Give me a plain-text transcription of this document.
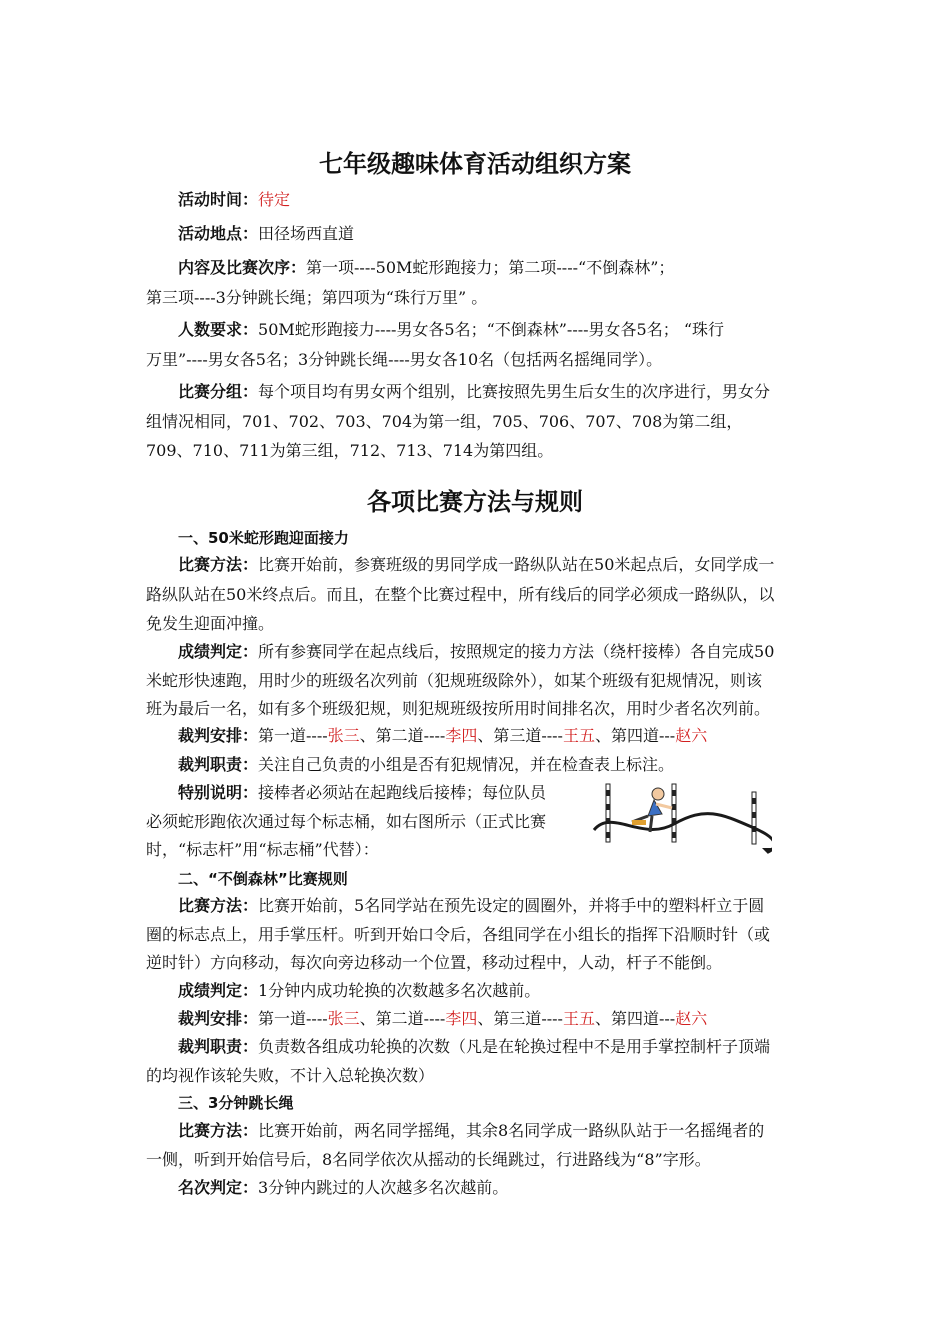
七年级趣味体育活动组织方案
活动时间：待定
活动地点：田径场西直道
内容及比赛次序：第一项----50M蛇形跑接力；第二项----“不倒森林”；
第三项----3分钟跳长绳；第四项为“珠行万里” 。
人数要求：50M蛇形跑接力----男女各5名；“不倒森林”----男女各5名； “珠行
万里”----男女各5名；3分钟跳长绳----男女各10名（包括两名摇绳同学）。
比赛分组：每个项目均有男女两个组别，比赛按照先男生后女生的次序进行，男女分
组情况相同，701、702、703、704为第一组，705、706、707、708为第二组，
709、710、711为第三组，712、713、714为第四组。
各项比赛方法与规则
一、50米蛇形跑迎面接力
比赛方法：比赛开始前，参赛班级的男同学成一路纵队站在50米起点后，女同学成一
路纵队站在50米终点后。而且，在整个比赛过程中，所有线后的同学必须成一路纵队，以
免发生迎面冲撞。
成绩判定：所有参赛同学在起点线后，按照规定的接力方法（绕杆接棒）各自完成50
米蛇形快速跑，用时少的班级名次列前（犯规班级除外），如某个班级有犯规情况，则该
班为最后一名，如有多个班级犯规，则犯规班级按所用时间排名次，用时少者名次列前。
裁判安排：第一道----张三、第二道----李四、第三道----王五、第四道---赵六
裁判职责：关注自己负责的小组是否有犯规情况，并在检查表上标注。
特别说明：接棒者必须站在起跑线后接棒；每位队员
必须蛇形跑依次通过每个标志桶，如右图所示（正式比赛
时，“标志杆”用“标志桶”代替）：
二、“不倒森林”比赛规则
比赛方法：比赛开始前，5名同学站在预先设定的圆圈外，并将手中的塑料杆立于圆
圈的标志点上，用手掌压杆。听到开始口令后，各组同学在小组长的指挥下沿顺时针（或
逆时针）方向移动，每次向旁边移动一个位置，移动过程中，人动，杆子不能倒。
成绩判定：1分钟内成功轮换的次数越多名次越前。
裁判安排：第一道----张三、第二道----李四、第三道----王五、第四道---赵六
裁判职责：负责数各组成功轮换的次数（凡是在轮换过程中不是用手掌控制杆子顶端
的均视作该轮失败，不计入总轮换次数）
三、3分钟跳长绳
比赛方法：比赛开始前，两名同学摇绳，其余8名同学成一路纵队站于一名摇绳者的
一侧，听到开始信号后，8名同学依次从摇动的长绳跳过，行进路线为“8”字形。
名次判定：3分钟内跳过的人次越多名次越前。
